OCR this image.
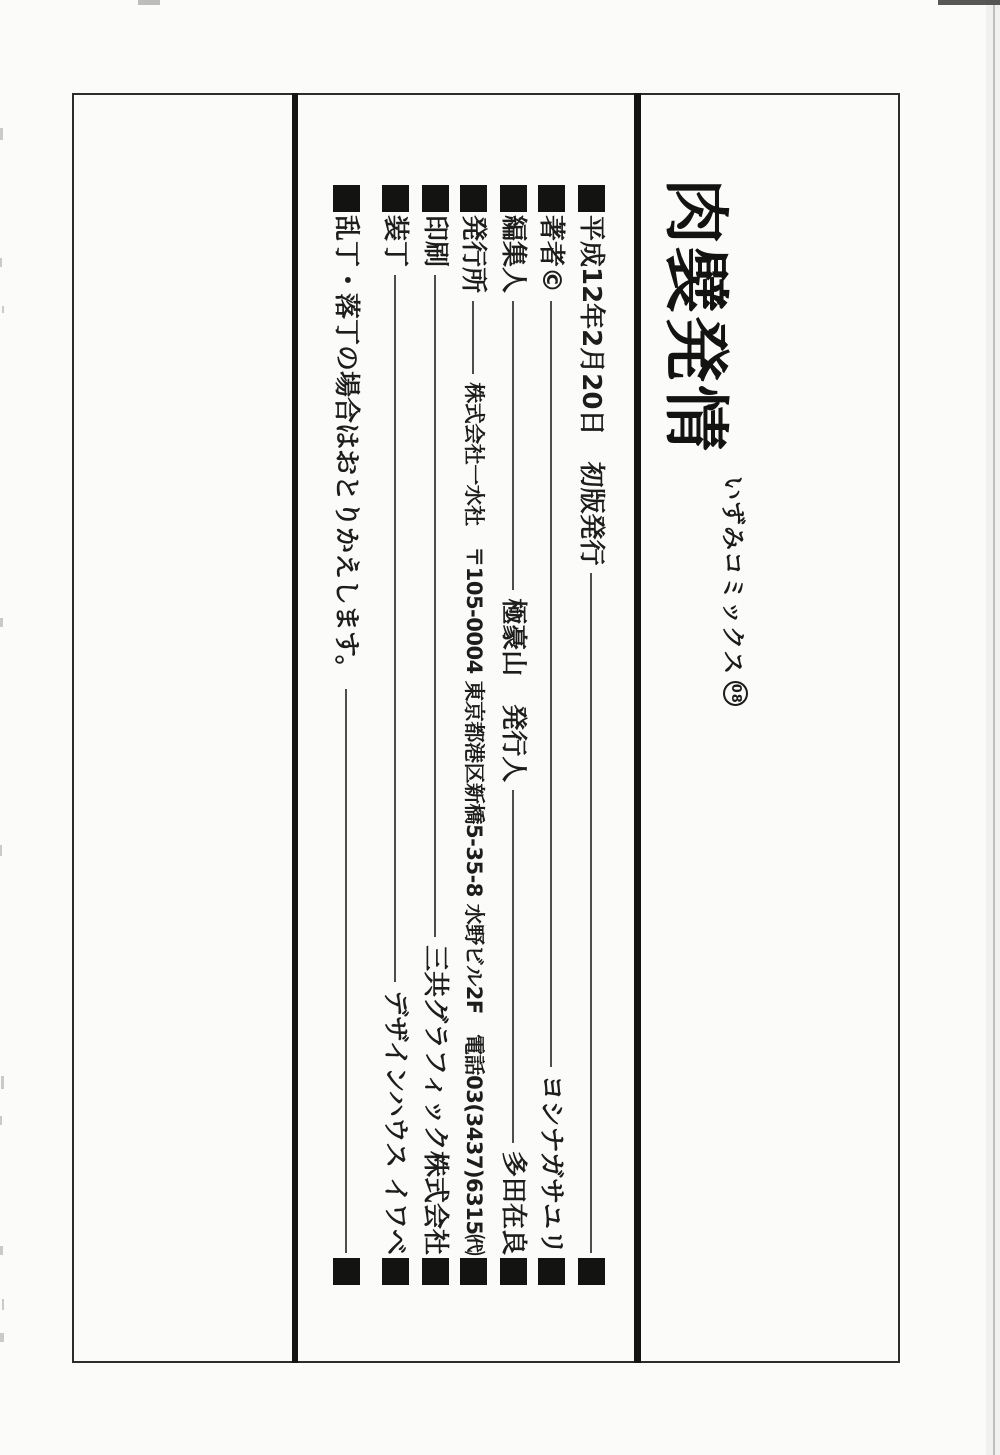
肉襞発情
いずみコミックス
08
平成12年2月20日　初版発行
著者©
ヨシナガサユリ
編集人
極豪山
発行人
多田在良
発行所
株式会社一水社　〒105-0004 東京都港区新橋5-35-8 水野ビル2F　電話03(3437)6315㈹
印刷
三共グラフィック株式会社
装丁
デザインハウス イワベ
乱丁・落丁の場合はおとりかえします。
